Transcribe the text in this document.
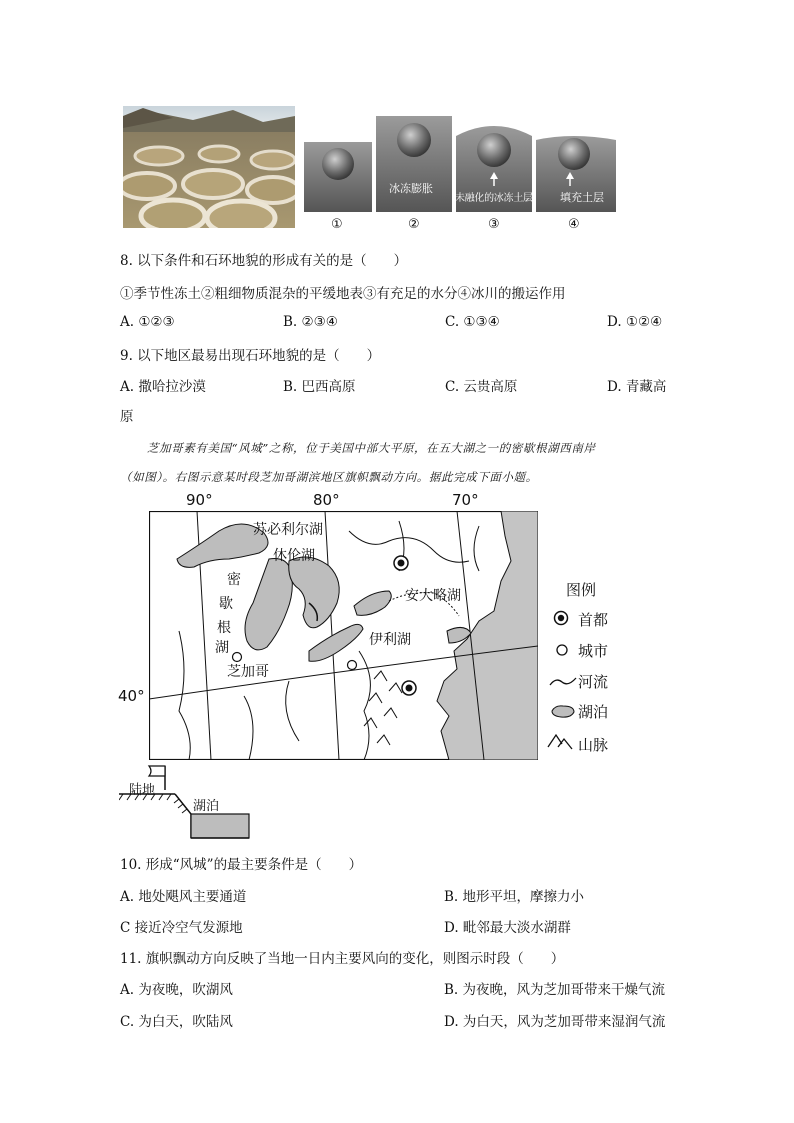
冰冻膨胀
未融化的冰冻土层 填充土层
①	②	③	④
8. 以下条件和石环地貌的形成有关的是（　　）
①季节性冻土②粗细物质混杂的平缓地表③有充足的水分④冰川的搬运作用
A. ①②③	B. ②③④	C. ①③④	D. ①②④
9. 以下地区最易出现石环地貌的是（　　）
A. 撒哈拉沙漠	B. 巴西高原	C. 云贵高原	D. 青藏高
原
芝加哥素有美国“风城”之称，位于美国中部大平原，在五大湖之一的密歇根湖西南岸
（如图）。右图示意某时段芝加哥湖滨地区旗帜飘动方向。据此完成下面小题。
90°	80°	70°
40°
苏必利尔湖
休伦湖
密
歇
根
湖
安大略湖
伊利湖
芝加哥
图例
首都
城市
河流
湖泊
山脉
陆地
湖泊
10. 形成“风城”的最主要条件是（　　）
A. 地处飓风主要通道	B. 地形平坦，摩擦力小
C 接近冷空气发源地	D. 毗邻最大淡水湖群
11. 旗帜飘动方向反映了当地一日内主要风向的变化，则图示时段（　　）
A. 为夜晚，吹湖风	B. 为夜晚，风为芝加哥带来干燥气流
C. 为白天，吹陆风	D. 为白天，风为芝加哥带来湿润气流
